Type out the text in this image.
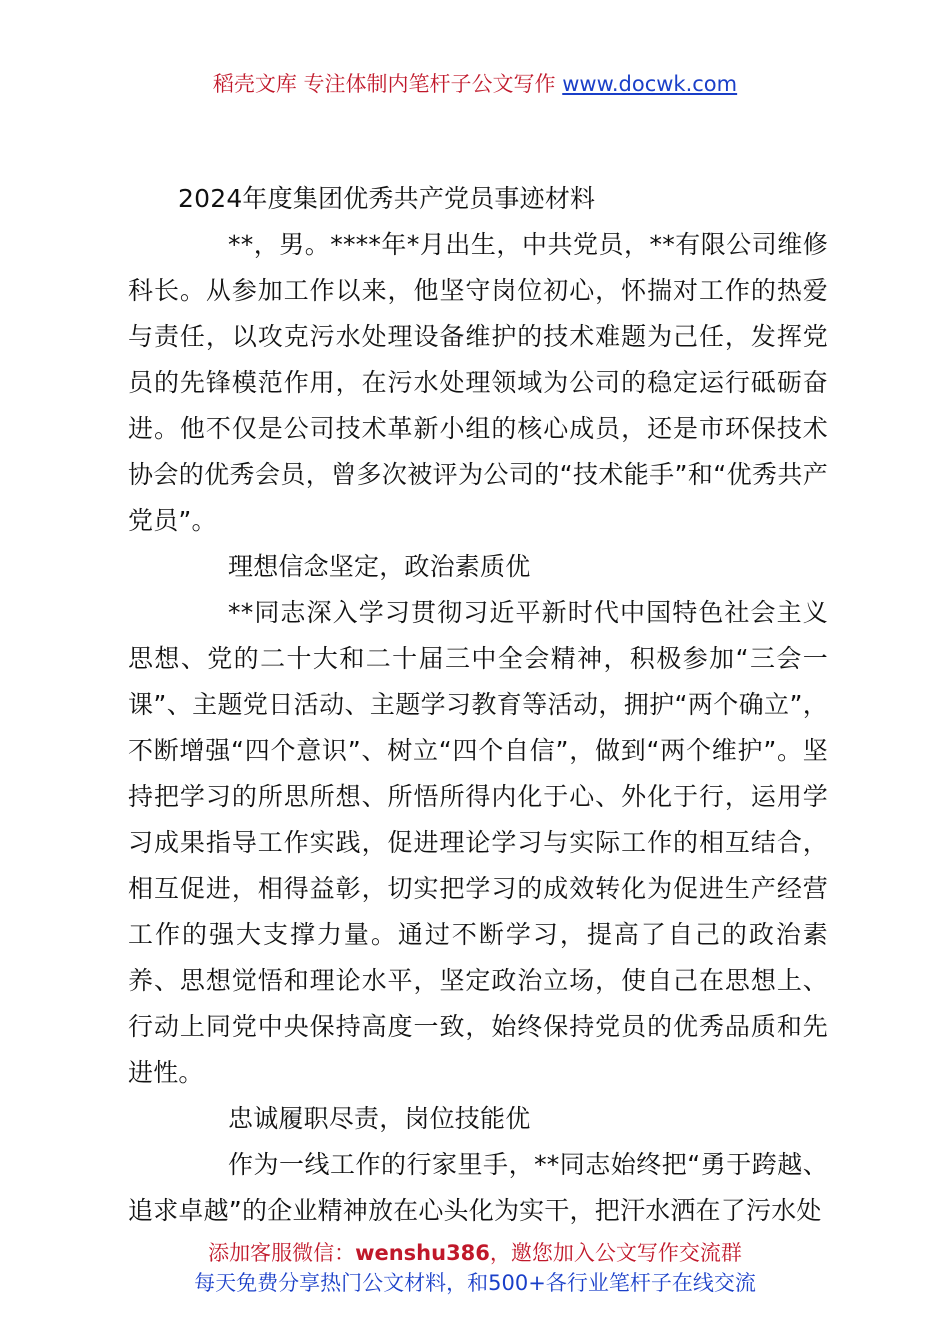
稻壳文库 专注体制内笔杆子公文写作 www.docwk.com

2024年度集团优秀共产党员事迹材料

**，男。****年*月出生，中共党员，**有限公司维修科长。从参加工作以来，他坚守岗位初心，怀揣对工作的热爱与责任，以攻克污水处理设备维护的技术难题为己任，发挥党员的先锋模范作用，在污水处理领域为公司的稳定运行砥砺奋进。他不仅是公司技术革新小组的核心成员，还是市环保技术协会的优秀会员，曾多次被评为公司的“技术能手”和“优秀共产党员”。

理想信念坚定，政治素质优

**同志深入学习贯彻习近平新时代中国特色社会主义思想、党的二十大和二十届三中全会精神，积极参加“三会一课”、主题党日活动、主题学习教育等活动，拥护“两个确立”，不断增强“四个意识”、树立“四个自信”，做到“两个维护”。坚持把学习的所思所想、所悟所得内化于心、外化于行，运用学习成果指导工作实践，促进理论学习与实际工作的相互结合，相互促进，相得益彰，切实把学习的成效转化为促进生产经营工作的强大支撑力量。通过不断学习，提高了自己的政治素养、思想觉悟和理论水平，坚定政治立场，使自己在思想上、行动上同党中央保持高度一致，始终保持党员的优秀品质和先进性。

忠诚履职尽责，岗位技能优

作为一线工作的行家里手，**同志始终把“勇于跨越、追求卓越”的企业精神放在心头化为实干，把汗水洒在了污水处

添加客服微信：wenshu386，邀您加入公文写作交流群
每天免费分享热门公文材料，和500+各行业笔杆子在线交流
